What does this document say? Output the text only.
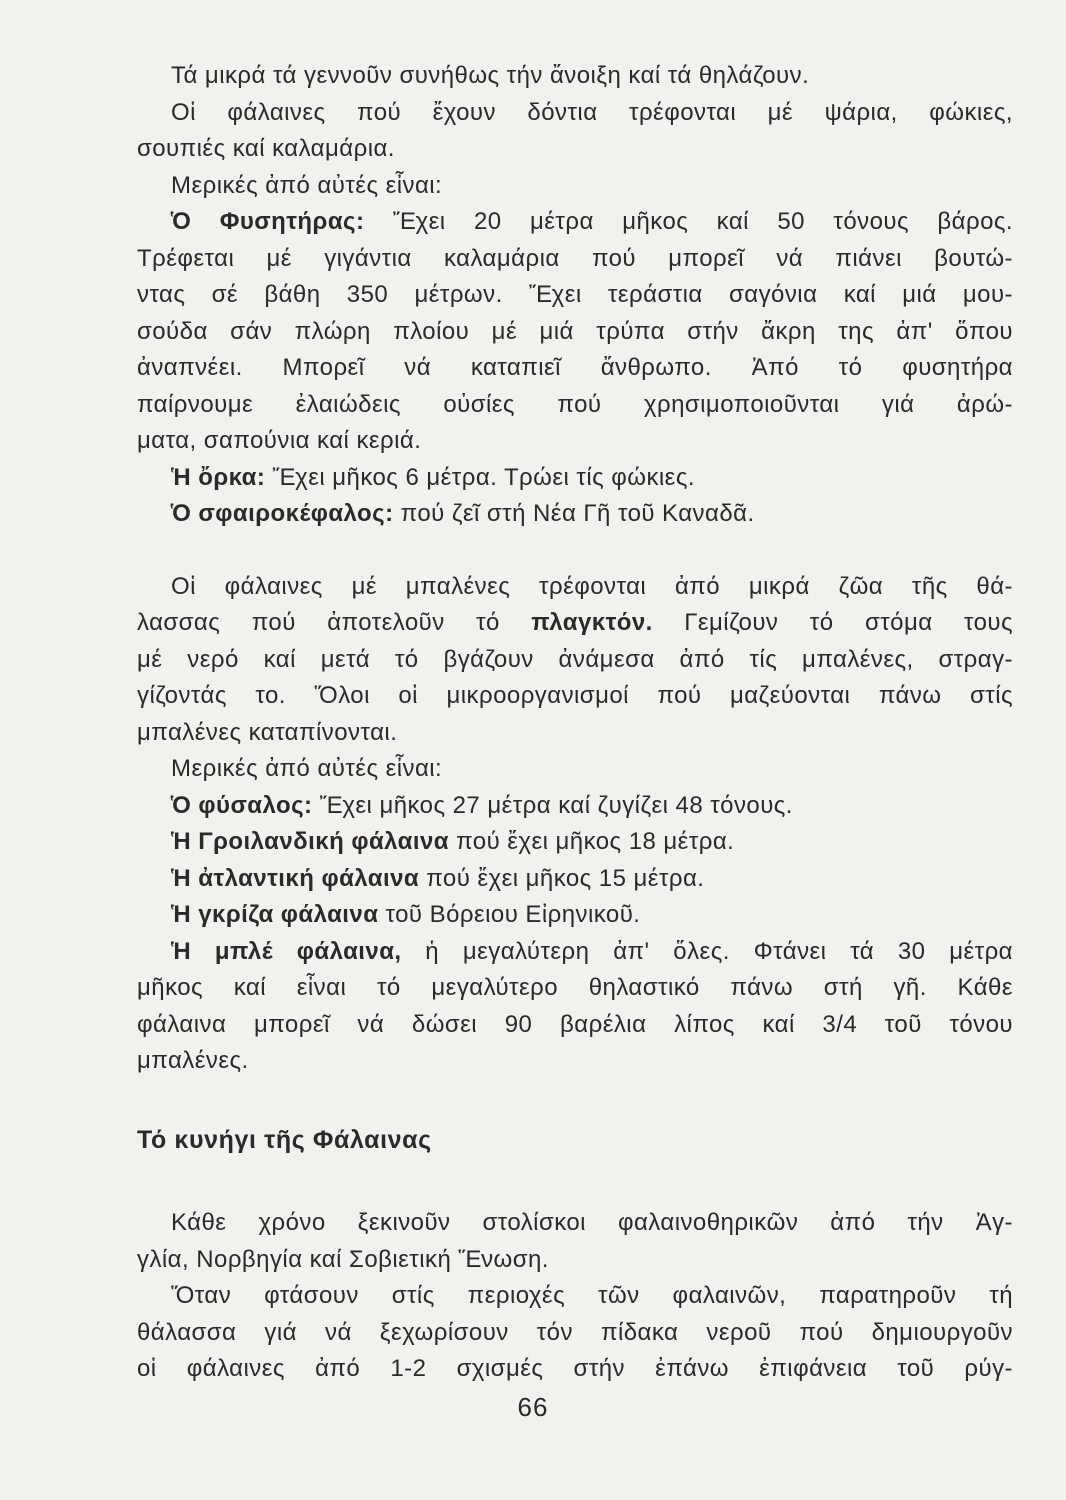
Τά μικρά τά γεννοῦν συνήθως τήν ἄνοιξη καί τά θηλάζουν.
Οἱ φάλαινες πού ἔχουν δόντια τρέφονται μέ ψάρια, φώκιες,
σουπιές καί καλαμάρια.
Μερικές ἀπό αὐτές εἶναι:
Ὁ Φυσητήρας: Ἔχει 20 μέτρα μῆκος καί 50 τόνους βάρος.
Τρέφεται μέ γιγάντια καλαμάρια πού μπορεῖ νά πιάνει βουτώ-
ντας σέ βάθη 350 μέτρων. Ἔχει τεράστια σαγόνια καί μιά μου-
σούδα σάν πλώρη πλοίου μέ μιά τρύπα στήν ἄκρη της ἀπ' ὅπου
ἀναπνέει. Μπορεῖ νά καταπιεῖ ἄνθρωπο. Ἀπό τό φυσητήρα
παίρνουμε ἐλαιώδεις οὐσίες πού χρησιμοποιοῦνται γιά ἀρώ-
ματα, σαπούνια καί κεριά.
Ἡ ὄρκα: Ἔχει μῆκος 6 μέτρα. Τρώει τίς φώκιες.
Ὁ σφαιροκέφαλος: πού ζεῖ στή Νέα Γῆ τοῦ Καναδᾶ.
Οἱ φάλαινες μέ μπαλένες τρέφονται ἀπό μικρά ζῶα τῆς θά-
λασσας πού ἀποτελοῦν τό πλαγκτόν. Γεμίζουν τό στόμα τους
μέ νερό καί μετά τό βγάζουν ἀνάμεσα ἀπό τίς μπαλένες, στραγ-
γίζοντάς το. Ὅλοι οἱ μικροοργανισμοί πού μαζεύονται πάνω στίς
μπαλένες καταπίνονται.
Μερικές ἀπό αὐτές εἶναι:
Ὁ φύσαλος: Ἔχει μῆκος 27 μέτρα καί ζυγίζει 48 τόνους.
Ἡ Γροιλανδική φάλαινα πού ἔχει μῆκος 18 μέτρα.
Ἡ ἀτλαντική φάλαινα πού ἔχει μῆκος 15 μέτρα.
Ἡ γκρίζα φάλαινα τοῦ Βόρειου Εἰρηνικοῦ.
Ἡ μπλέ φάλαινα, ἡ μεγαλύτερη ἀπ' ὅλες. Φτάνει τά 30 μέτρα
μῆκος καί εἶναι τό μεγαλύτερο θηλαστικό πάνω στή γῆ. Κάθε
φάλαινα μπορεῖ νά δώσει 90 βαρέλια λίπος καί 3/4 τοῦ τόνου
μπαλένες.
Τό κυνήγι τῆς Φάλαινας
Κάθε χρόνο ξεκινοῦν στολίσκοι φαλαινοθηρικῶν ἀπό τήν Ἀγ-
γλία, Νορβηγία καί Σοβιετική Ἕνωση.
Ὅταν φτάσουν στίς περιοχές τῶν φαλαινῶν, παρατηροῦν τή
θάλασσα γιά νά ξεχωρίσουν τόν πίδακα νεροῦ πού δημιουργοῦν
οἱ φάλαινες ἀπό 1-2 σχισμές στήν ἐπάνω ἐπιφάνεια τοῦ ρύγ-
66
